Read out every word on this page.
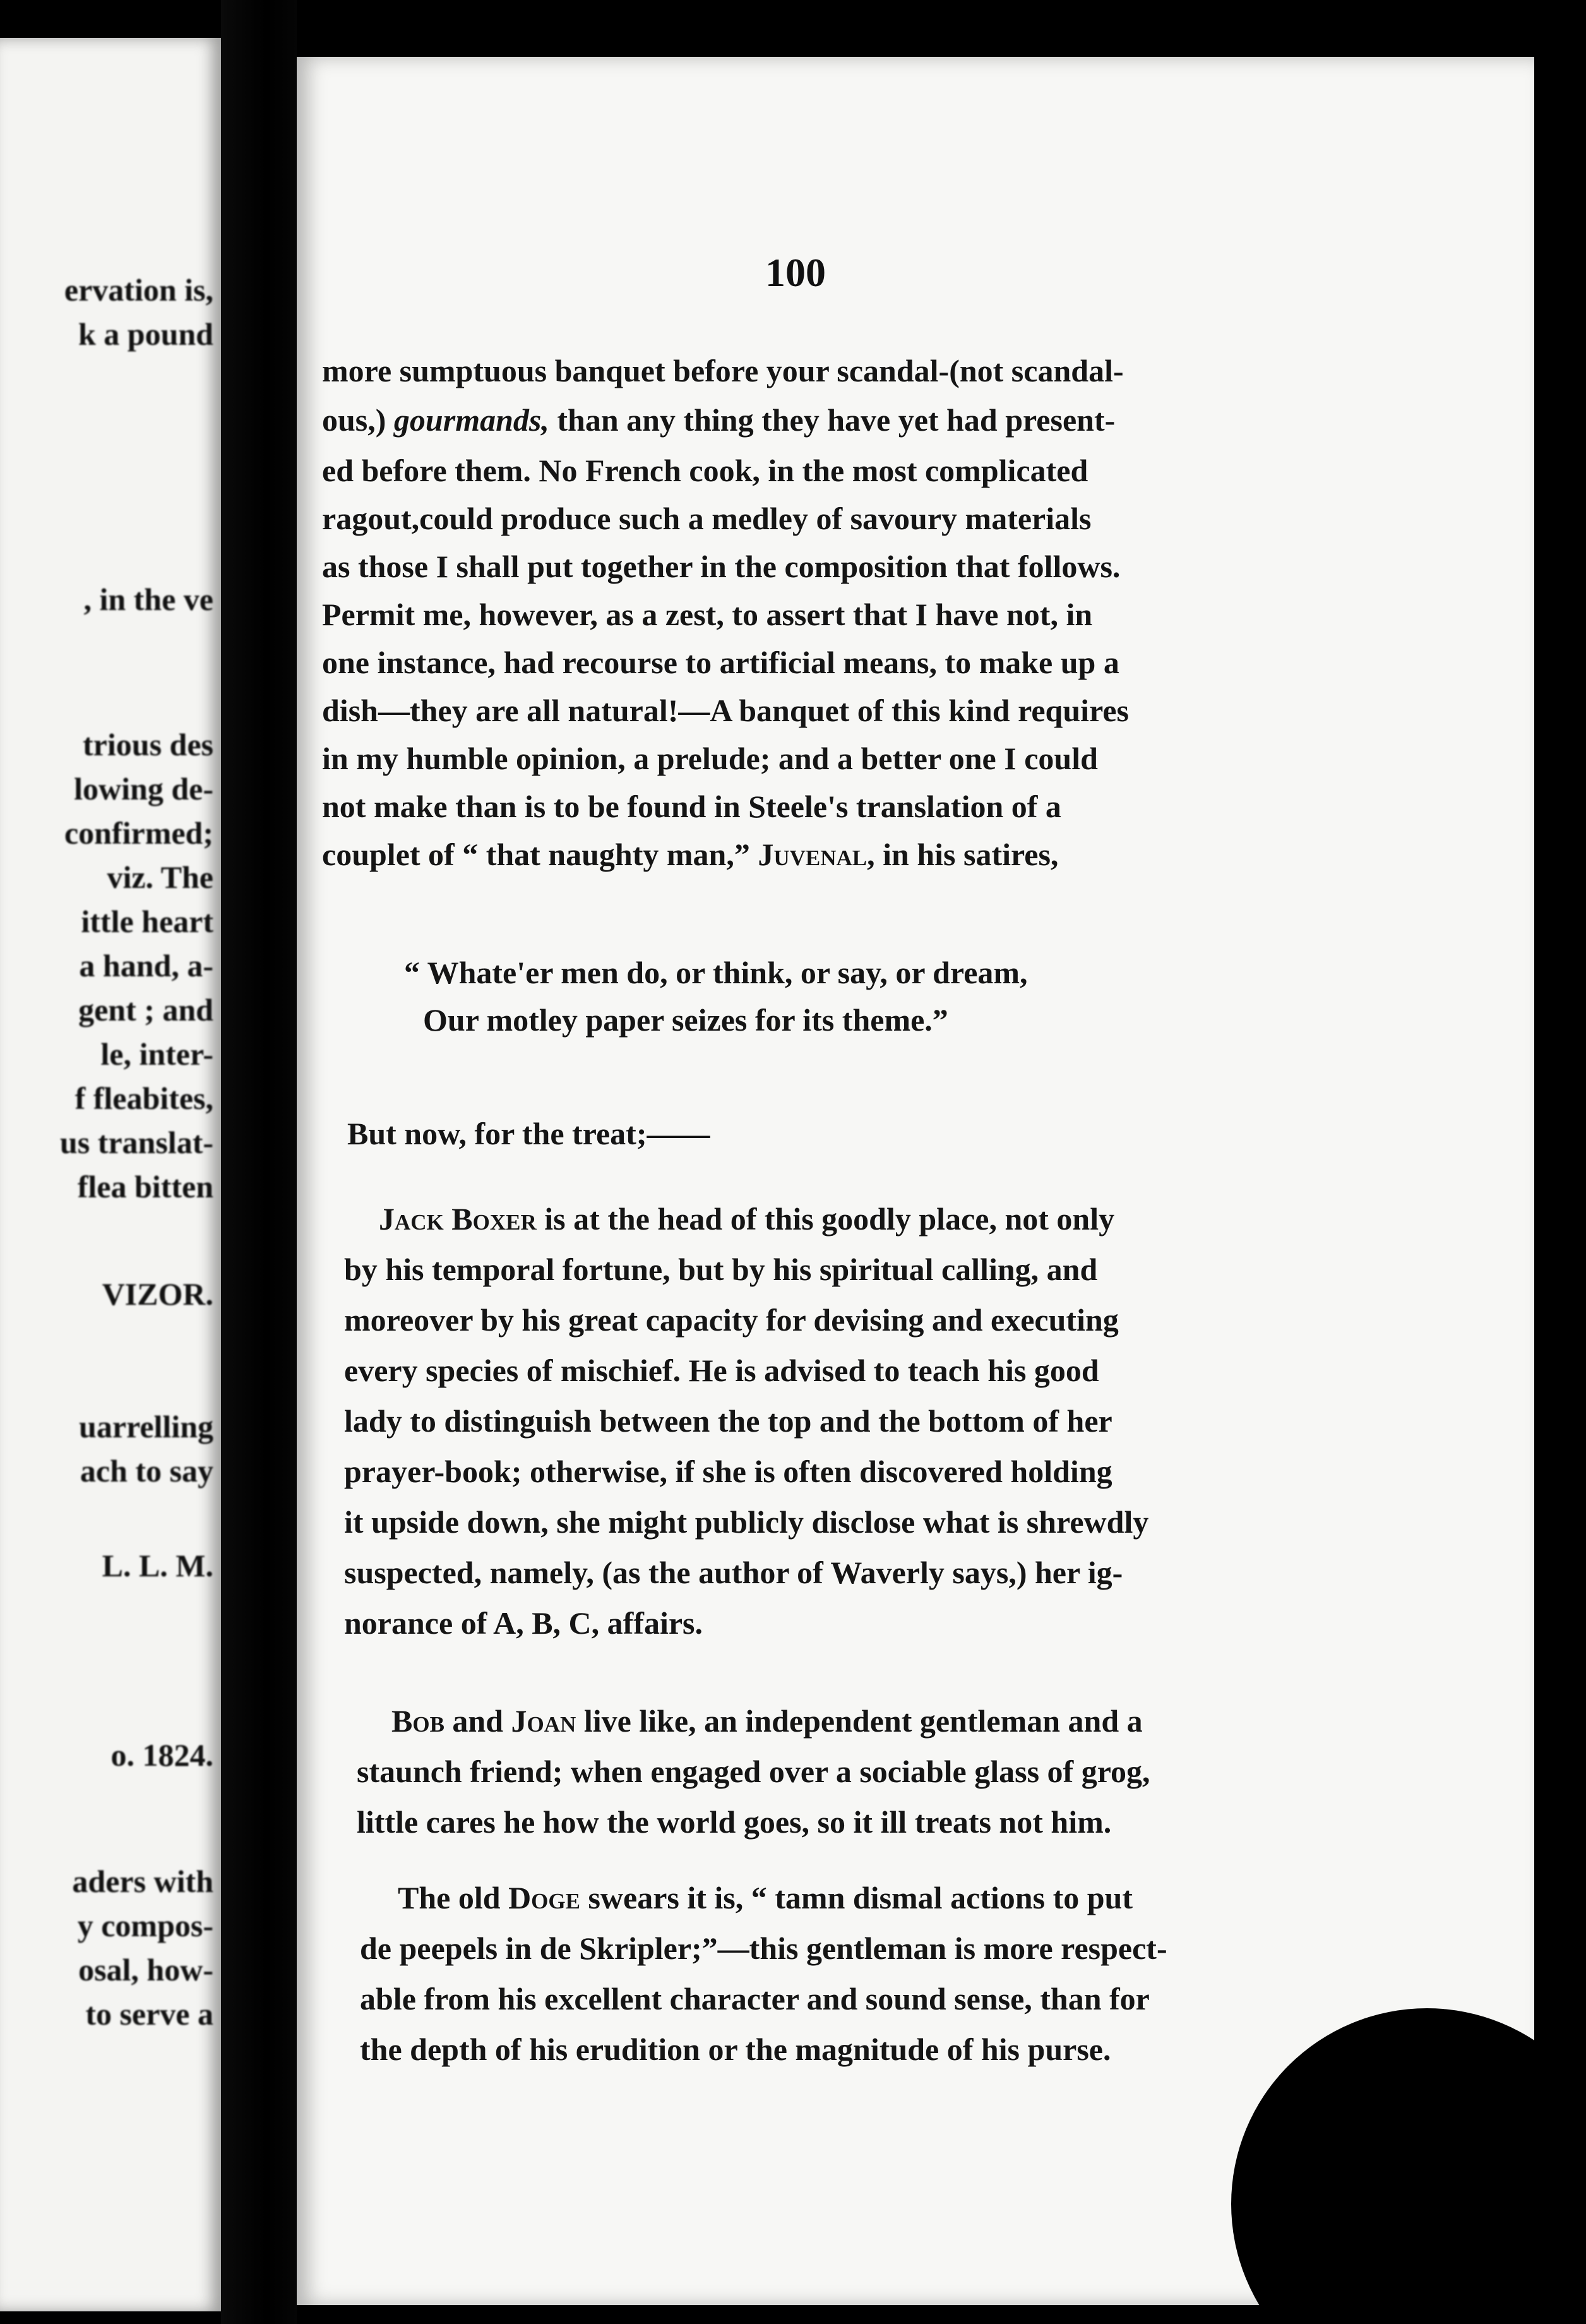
ervation is,
k a pound
, in the ve
trious des
lowing de-
confirmed;
viz. The
ittle heart
a hand, a-
gent ; and
le, inter-
f fleabites,
us translat-
flea bitten
VIZOR.
uarrelling
ach to say
L. L. M.
o. 1824.
aders with
y compos-
osal, how-
to serve a
100
more sumptuous banquet before your scandal-(not scandal-
ous,) gourmands, than any thing they have yet had present-
ed before them. No French cook, in the most complicated
ragout,could produce such a medley of savoury materials
as those I shall put together in the composition that follows.
Permit me, however, as a zest, to assert that I have not, in
one instance, had recourse to artificial means, to make up a
dish—they are all natural!—A banquet of this kind requires
in my humble opinion, a prelude; and a better one I could
not make than is to be found in Steele's translation of a
couplet of “ that naughty man,” Juvenal, in his satires,
“ Whate'er men do, or think, or say, or dream,
Our motley paper seizes for its theme.”
But now, for the treat;——
Jack Boxer is at the head of this goodly place, not only
by his temporal fortune, but by his spiritual calling, and
moreover by his great capacity for devising and executing
every species of mischief. He is advised to teach his good
lady to distinguish between the top and the bottom of her
prayer-book; otherwise, if she is often discovered holding
it upside down, she might publicly disclose what is shrewdly
suspected, namely, (as the author of Waverly says,) her ig-
norance of A, B, C, affairs.
Bob and Joan live like, an independent gentleman and a
staunch friend; when engaged over a sociable glass of grog,
little cares he how the world goes, so it ill treats not him.
The old Doge swears it is, “ tamn dismal actions to put
de peepels in de Skripler;”—this gentleman is more respect-
able from his excellent character and sound sense, than for
the depth of his erudition or the magnitude of his purse.
